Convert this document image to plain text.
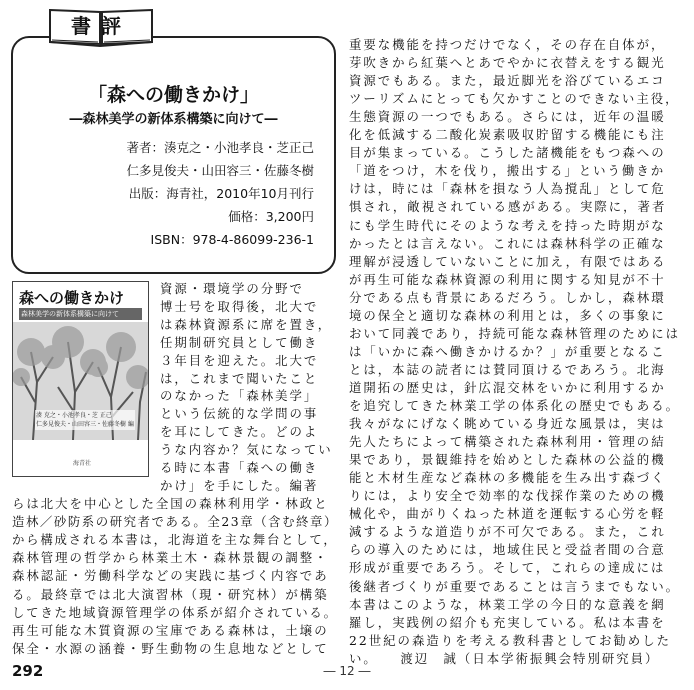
「森への働きかけ」
―森林美学の新体系構築に向けて―
著者：湊克之・小池孝良・芝正己
仁多見俊夫・山田容三・佐藤冬樹
出版：海青社，2010年10月刊行
価格：3,200円
ISBN：978-4-86099-236-1
書評
森への働きかけ
森林美学の新体系構築に向けて
湊 克之・小池孝良・芝 正己
仁多見俊夫・山田容三・佐藤冬樹 編
海青社
資源・環境学の分野で
博士号を取得後，北大で
は森林資源系に席を置き，
任期制研究員として働き
３年目を迎えた。北大で
は，これまで聞いたこと
のなかった「森林美学」
という伝統的な学問の事
を耳にしてきた。どのよ
うな内容か？気になってい
る時に本書「森への働き
かけ」を手にした。編著
らは北大を中心とした全国の森林利用学・林政と
造林／砂防系の研究者である。全23章（含む終章）
から構成される本書は，北海道を主な舞台として，
森林管理の哲学から林業土木・森林景観の調整・
森林認証・労働科学などの実践に基づく内容であ
る。最終章では北大演習林（現・研究林）が構築
してきた地域資源管理学の体系が紹介されている。
再生可能な木質資源の宝庫である森林は，土壌の
保全・水源の涵養・野生動物の生息地などとして
重要な機能を持つだけでなく，その存在自体が，
芽吹きから紅葉へとあでやかに衣替えをする観光
資源でもある。また，最近脚光を浴びているエコ
ツーリズムにとっても欠かすことのできない主役，
生態資源の一つでもある。さらには，近年の温暖
化を低減する二酸化炭素吸収貯留する機能にも注
目が集まっている。こうした諸機能をもつ森への
「道をつけ，木を伐り，搬出する」という働きか
けは，時には「森林を損なう人為撹乱」として危
惧され，敵視されている感がある。実際に，著者
にも学生時代にそのような考えを持った時期がな
かったとは言えない。これには森林科学の正確な
理解が浸透していないことに加え，有限ではある
が再生可能な森林資源の利用に関する知見が不十
分である点も背景にあるだろう。しかし，森林環
境の保全と適切な森林の利用とは，多くの事象に
おいて同義であり，持続可能な森林管理のためには
は「いかに森へ働きかけるか？」が重要となるこ
とは，本誌の読者には賛同頂けるであろう。北海
道開拓の歴史は，針広混交林をいかに利用するか
を追究してきた林業工学の体系化の歴史でもある。
我々がなにげなく眺めている身近な風景は，実は
先人たちによって構築された森林利用・管理の結
果であり，景観維持を始めとした森林の公益的機
能と木材生産など森林の多機能を生み出す森づく
りには，より安全で効率的な伐採作業のための機
械化や，曲がりくねった林道を運転する心労を軽
減するような道造りが不可欠である。また，これ
らの導入のためには，地域住民と受益者間の合意
形成が重要であろう。そして，これらの達成には
後継者づくりが重要であることは言うまでもない。
本書はこのような，林業工学の今日的な意義を網
羅し，実践例の紹介も充実している。私は本書を
22世紀の森造りを考える教科書としてお勧めした
い。　　渡辺　誠（日本学術振興会特別研究員）
292	― 12 ―
